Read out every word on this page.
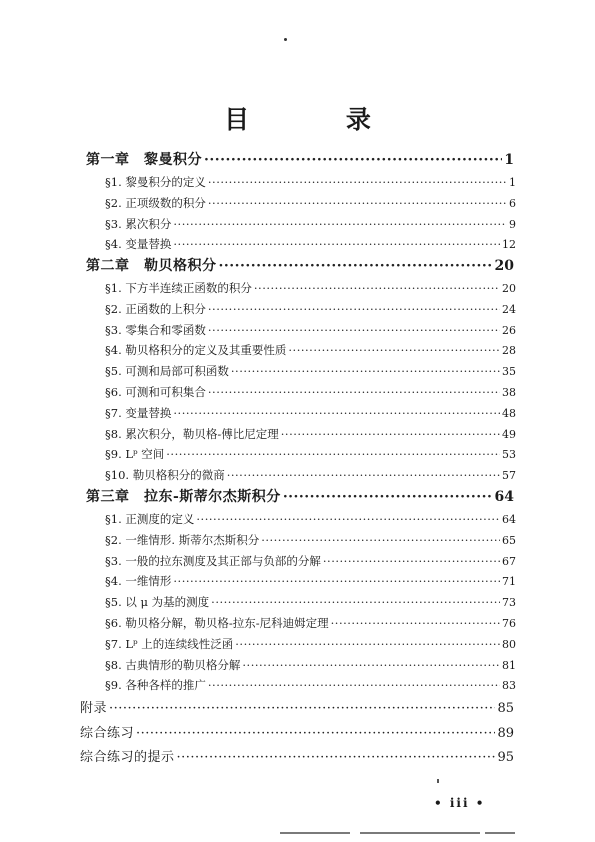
目 录
第一章　黎曼积分 ·····	1
§1. 黎曼积分的定义 ·····	1
§2. 正项级数的积分 ·····	6
§3. 累次积分 ·····	9
§4. 变量替换 ·····	12
第二章　勒贝格积分 ·····	20
§1. 下方半连续正函数的积分 ·····	20
§2. 正函数的上积分 ·····	24
§3. 零集合和零函数 ·····	26
§4. 勒贝格积分的定义及其重要性质 ·····	28
§5. 可测和局部可积函数 ·····	35
§6. 可测和可积集合 ·····	38
§7. 变量替换 ·····	48
§8. 累次积分，勒贝格-傅比尼定理 ·····	49
§9. Lᵖ 空间 ·····	53
§10. 勒贝格积分的微商 ·····	57
第三章　拉东-斯蒂尔杰斯积分 ·····	64
§1. 正测度的定义 ·····	64
§2. 一维情形. 斯蒂尔杰斯积分 ·····	65
§3. 一般的拉东测度及其正部与负部的分解 ·····	67
§4. 一维情形 ·····	71
§5. 以 μ 为基的测度 ·····	73
§6. 勒贝格分解，勒贝格-拉东-尼科迪姆定理 ·····	76
§7. Lᵖ 上的连续线性泛函 ·····	80
§8. 古典情形的勒贝格分解 ·····	81
§9. 各种各样的推广 ·····	83
附录 ·····	85
综合练习 ·····	89
综合练习的提示 ·····	95
• iii •
